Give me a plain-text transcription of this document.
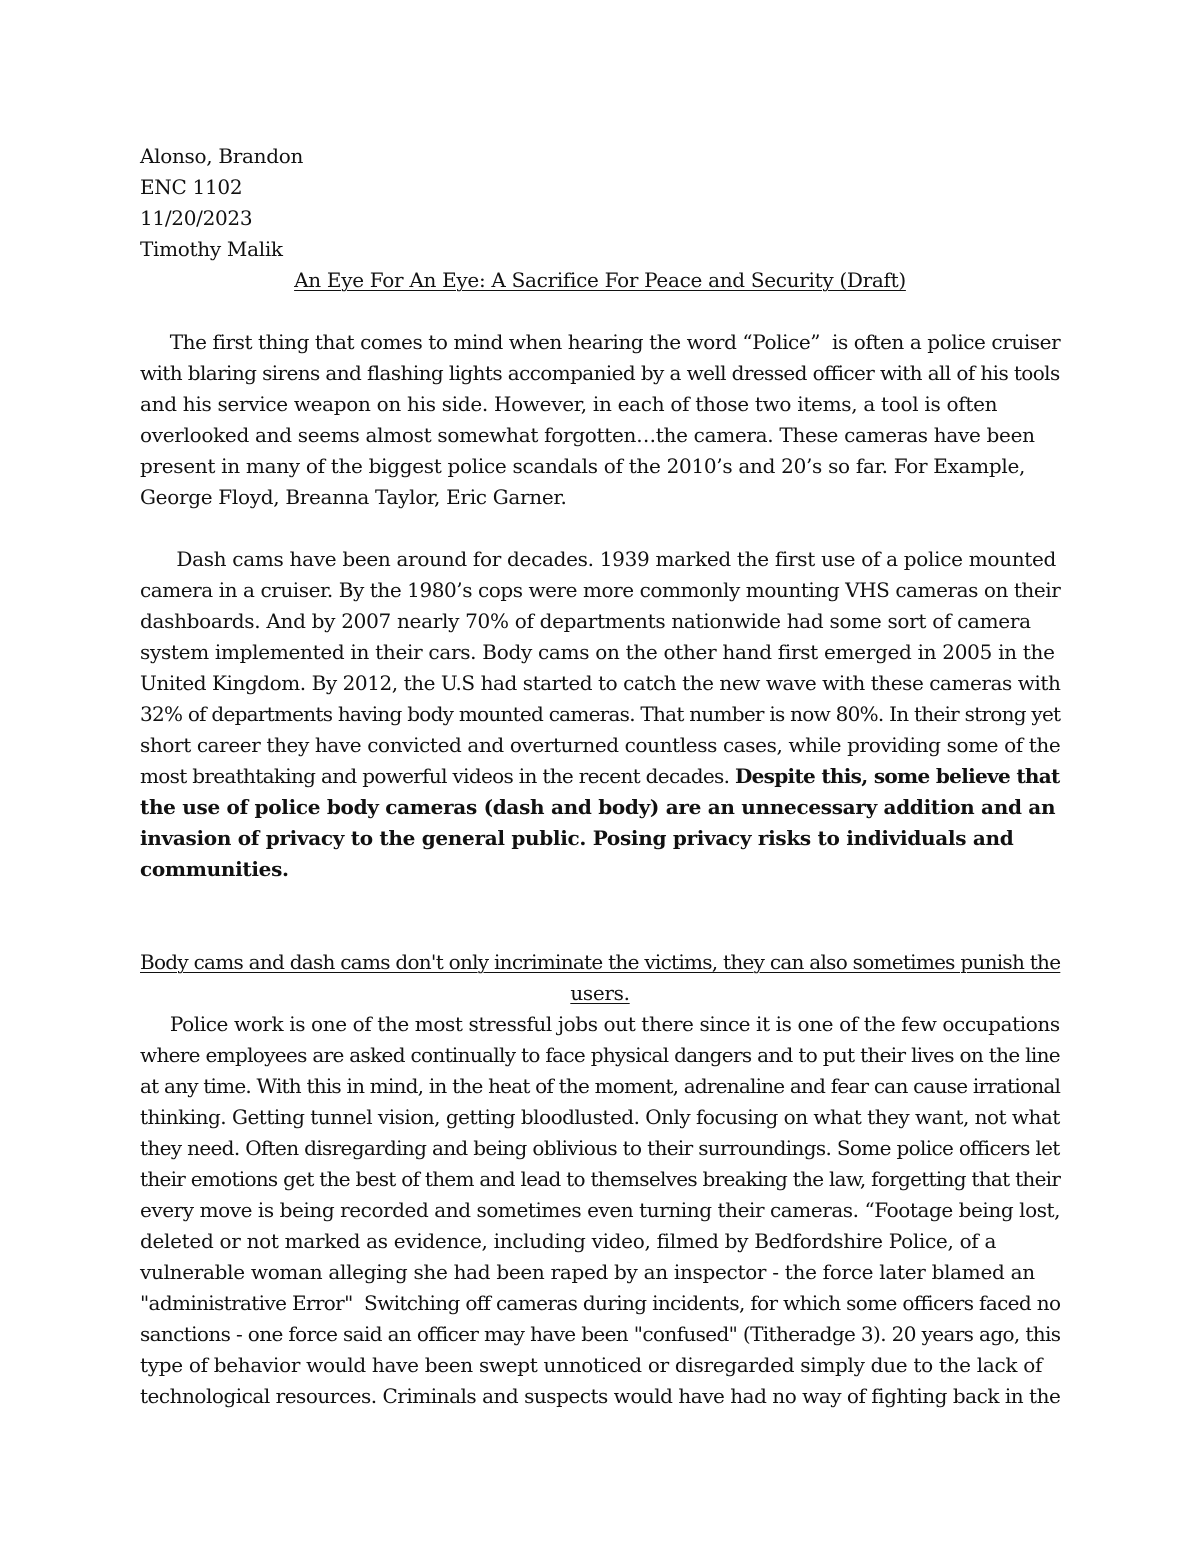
Alonso, Brandon
ENC 1102
11/20/2023
Timothy Malik
An Eye For An Eye: A Sacrifice For Peace and Security (Draft)
The first thing that comes to mind when hearing the word “Police”  is often a police cruiser
with blaring sirens and flashing lights accompanied by a well dressed officer with all of his tools
and his service weapon on his side. However, in each of those two items, a tool is often
overlooked and seems almost somewhat forgotten…the camera. These cameras have been
present in many of the biggest police scandals of the 2010’s and 20’s so far. For Example,
George Floyd, Breanna Taylor, Eric Garner.
Dash cams have been around for decades. 1939 marked the first use of a police mounted
camera in a cruiser. By the 1980’s cops were more commonly mounting VHS cameras on their
dashboards. And by 2007 nearly 70% of departments nationwide had some sort of camera
system implemented in their cars. Body cams on the other hand first emerged in 2005 in the
United Kingdom. By 2012, the U.S had started to catch the new wave with these cameras with
32% of departments having body mounted cameras. That number is now 80%. In their strong yet
short career they have convicted and overturned countless cases, while providing some of the
most breathtaking and powerful videos in the recent decades. Despite this, some believe that
the use of police body cameras (dash and body) are an unnecessary addition and an
invasion of privacy to the general public. Posing privacy risks to individuals and
communities.
Body cams and dash cams don't only incriminate the victims, they can also sometimes punish the
users.
Police work is one of the most stressful jobs out there since it is one of the few occupations
where employees are asked continually to face physical dangers and to put their lives on the line
at any time. With this in mind, in the heat of the moment, adrenaline and fear can cause irrational
thinking. Getting tunnel vision, getting bloodlusted. Only focusing on what they want, not what
they need. Often disregarding and being oblivious to their surroundings. Some police officers let
their emotions get the best of them and lead to themselves breaking the law, forgetting that their
every move is being recorded and sometimes even turning their cameras. “Footage being lost,
deleted or not marked as evidence, including video, filmed by Bedfordshire Police, of a
vulnerable woman alleging she had been raped by an inspector - the force later blamed an
"administrative Error"  Switching off cameras during incidents, for which some officers faced no
sanctions - one force said an officer may have been "confused" (Titheradge 3). 20 years ago, this
type of behavior would have been swept unnoticed or disregarded simply due to the lack of
technological resources. Criminals and suspects would have had no way of fighting back in the
